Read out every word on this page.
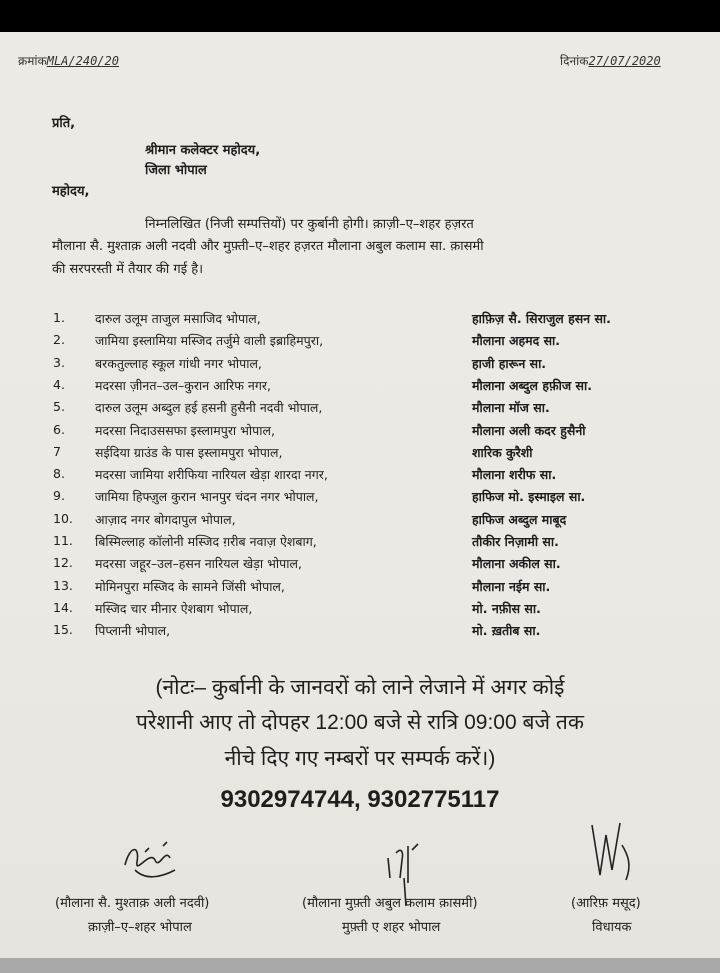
क्रमांकMLA/240/20	दिनांक27/07/2020
प्रति,
श्रीमान कलेक्टर महोदय,
जिला भोपाल
महोदय,
निम्नलिखित (निजी सम्पत्तियों) पर कुर्बानी होगी। क़ाज़ी–ए–शहर हज़रत
मौलाना सै. मुश्ताक़ अली नदवी और मुफ़्ती–ए–शहर हज़रत मौलाना अबुल कलाम सा. क़ासमी
की सरपरस्ती में तैयार की गई है।
1. दारुल उलूम ताजुल मसाजिद भोपाल,	हाफ़िज़ सै. सिराजुल हसन सा.
2. जामिया इस्लामिया मस्जिद तर्जुमे वाली इब्राहिमपुरा,	मौलाना अहमद सा.
3. बरकतुल्लाह स्कूल गांधी नगर भोपाल,	हाजी हारून सा.
4. मदरसा ज़ीनत–उल–कुरान आरिफ नगर,	मौलाना अब्दुल हफ़ीज सा.
5. दारुल उलूम अब्दुल हई हसनी हुसैनी नदवी भोपाल,	मौलाना मॉज सा.
6. मदरसा निदाउससफा इस्लामपुरा भोपाल,	मौलाना अली कदर हुसैनी
7	सईदिया ग्राउंड के पास इस्लामपुरा भोपाल,	शारिक कुरैशी
8. मदरसा जामिया शरीफिया नारियल खेड़ा शारदा नगर,	मौलाना शरीफ सा.
9. जामिया हिफ्ज़ुल कुरान भानपुर चंदन नगर भोपाल,	हाफिज मो. इस्माइल सा.
10. आज़ाद नगर बोगदापुल भोपाल,	हाफिज अब्दुल माबूद
11. बिस्मिल्लाह कॉलोनी मस्जिद ग़रीब नवाज़ ऐशबाग,	तौकीर निज़ामी सा.
12. मदरसा जहूर–उल–हसन नारियल खेड़ा भोपाल,	मौलाना अकील सा.
13. मोमिनपुरा मस्जिद के सामने जिंसी भोपाल,	मौलाना नईम सा.
14. मस्जिद चार मीनार ऐशबाग भोपाल,	मो. नफ़ीस सा.
15. पिप्लानी भोपाल,	मो. ख़तीब सा.
(नोटः– कुर्बानी के जानवरों को लाने लेजाने में अगर कोई
परेशानी आए तो दोपहर 12:00 बजे से रात्रि 09:00 बजे तक
नीचे दिए गए नम्बरों पर सम्पर्क करें।)
9302974744, 9302775117
(मौलाना सै. मुश्ताक़ अली नदवी)
क़ाज़ी–ए–शहर भोपाल
(मौलाना मुफ़्ती अबुल कलाम क़ासमी)
मुफ़्ती ए शहर भोपाल
(आरिफ़ मसूद)
विधायक
